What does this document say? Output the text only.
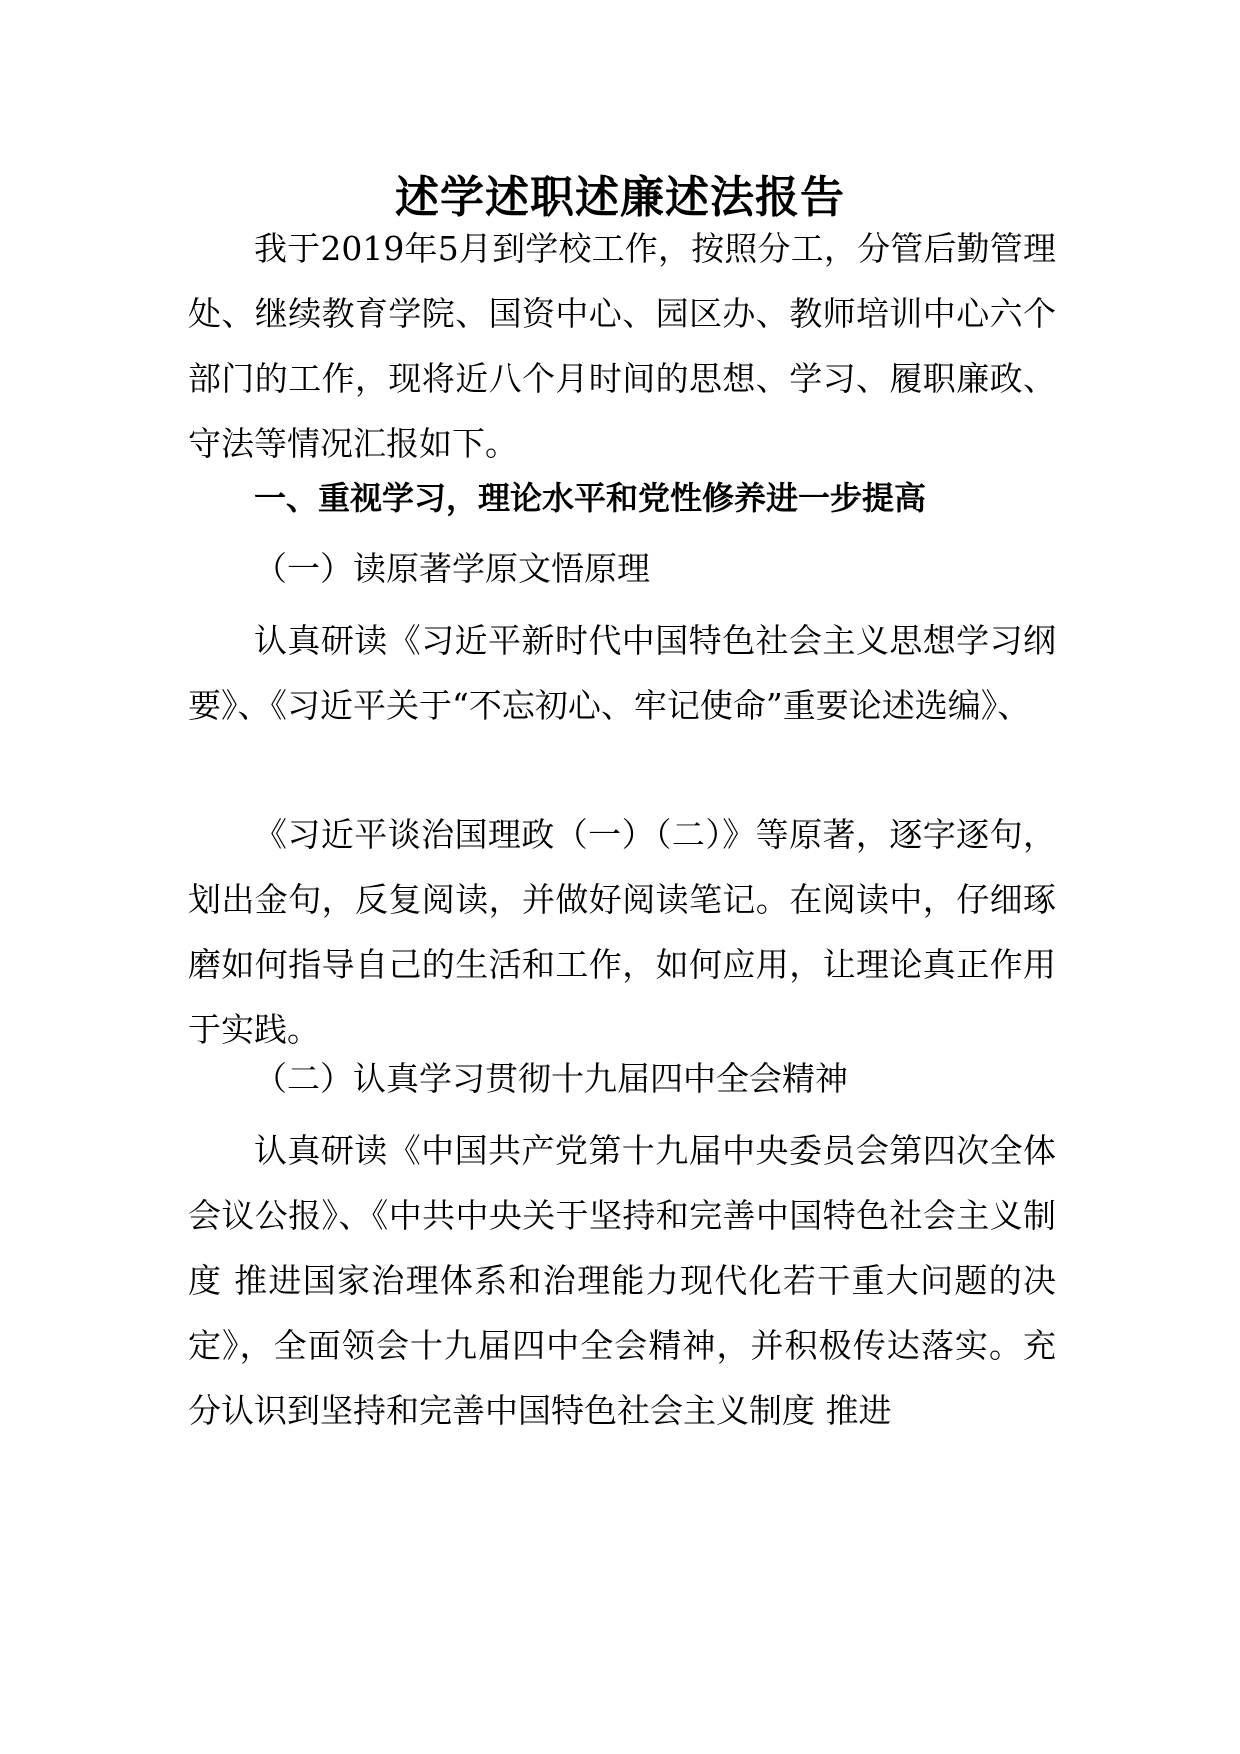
述学述职述廉述法报告
我于2019年5月到学校工作，按照分工，分管后勤管理处、继续教育学院、国资中心、园区办、教师培训中心六个部门的工作，现将近八个月时间的思想、学习、履职廉政、守法等情况汇报如下。
一、重视学习，理论水平和党性修养进一步提高
（一）读原著学原文悟原理
认真研读《习近平新时代中国特色社会主义思想学习纲要》、《习近平关于“不忘初心、牢记使命”重要论述选编》、
《习近平谈治国理政（一）（二）》等原著，逐字逐句，划出金句，反复阅读，并做好阅读笔记。在阅读中，仔细琢磨如何指导自己的生活和工作，如何应用，让理论真正作用于实践。
（二）认真学习贯彻十九届四中全会精神
认真研读《中国共产党第十九届中央委员会第四次全体会议公报》、《中共中央关于坚持和完善中国特色社会主义制度 推进国家治理体系和治理能力现代化若干重大问题的决定》，全面领会十九届四中全会精神，并积极传达落实。充分认识到坚持和完善中国特色社会主义制度 推进
